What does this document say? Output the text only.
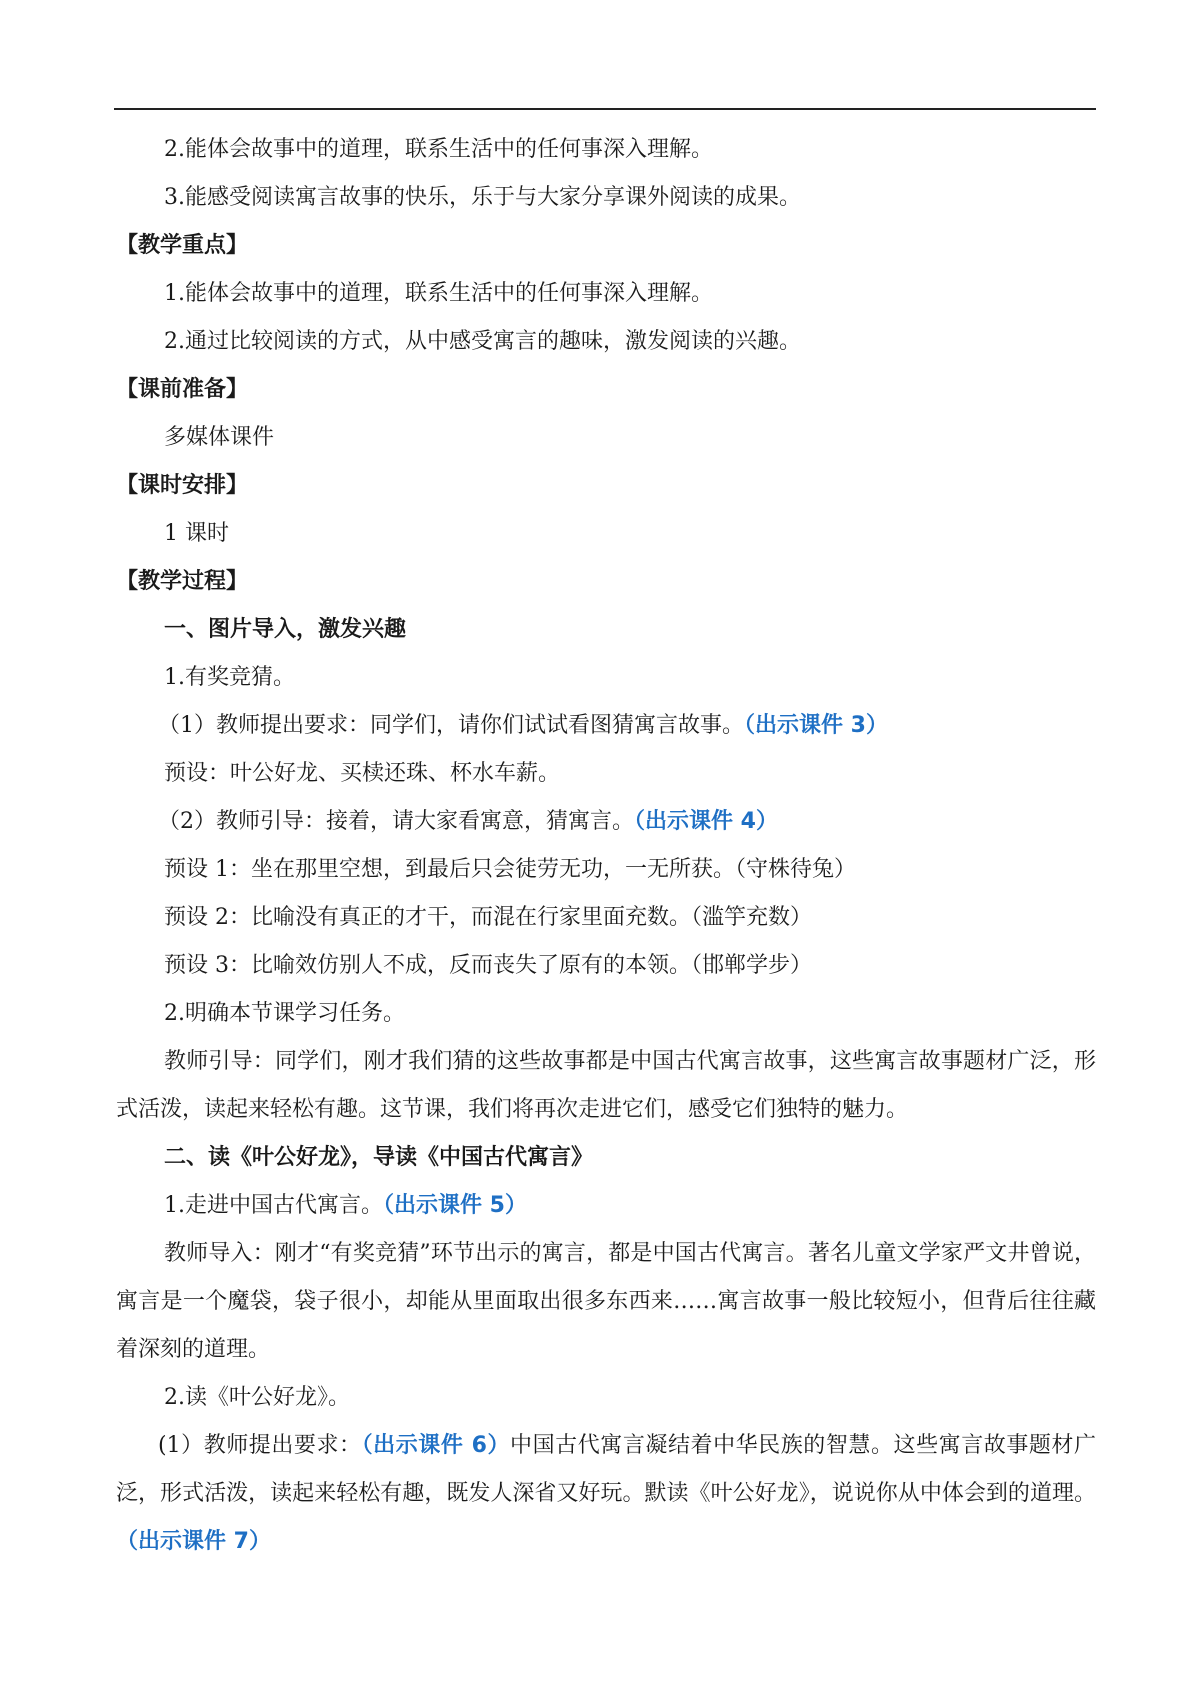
2.能体会故事中的道理，联系生活中的任何事深入理解。
3.能感受阅读寓言故事的快乐，乐于与大家分享课外阅读的成果。
【教学重点】
1.能体会故事中的道理，联系生活中的任何事深入理解。
2.通过比较阅读的方式，从中感受寓言的趣味，激发阅读的兴趣。
【课前准备】
多媒体课件
【课时安排】
1 课时
【教学过程】
一、图片导入，激发兴趣
1.有奖竞猜。
（1）教师提出要求：同学们，请你们试试看图猜寓言故事。（出示课件 3）
预设：叶公好龙、买椟还珠、杯水车薪。
（2）教师引导：接着，请大家看寓意，猜寓言。（出示课件 4）
预设 1：坐在那里空想，到最后只会徒劳无功，一无所获。（守株待兔）
预设 2：比喻没有真正的才干，而混在行家里面充数。（滥竽充数）
预设 3：比喻效仿别人不成，反而丧失了原有的本领。（邯郸学步）
2.明确本节课学习任务。
教师引导：同学们，刚才我们猜的这些故事都是中国古代寓言故事，这些寓言故事题材广泛，形式活泼，读起来轻松有趣。这节课，我们将再次走进它们，感受它们独特的魅力。
二、读《叶公好龙》，导读《中国古代寓言》
1.走进中国古代寓言。（出示课件 5）
教师导入：刚才“有奖竞猜”环节出示的寓言，都是中国古代寓言。著名儿童文学家严文井曾说，寓言是一个魔袋，袋子很小，却能从里面取出很多东西来……寓言故事一般比较短小，但背后往往藏着深刻的道理。
2.读《叶公好龙》。
(1）教师提出要求：（出示课件 6）中国古代寓言凝结着中华民族的智慧。这些寓言故事题材广泛，形式活泼，读起来轻松有趣，既发人深省又好玩。默读《叶公好龙》，说说你从中体会到的道理。（出示课件 7）
